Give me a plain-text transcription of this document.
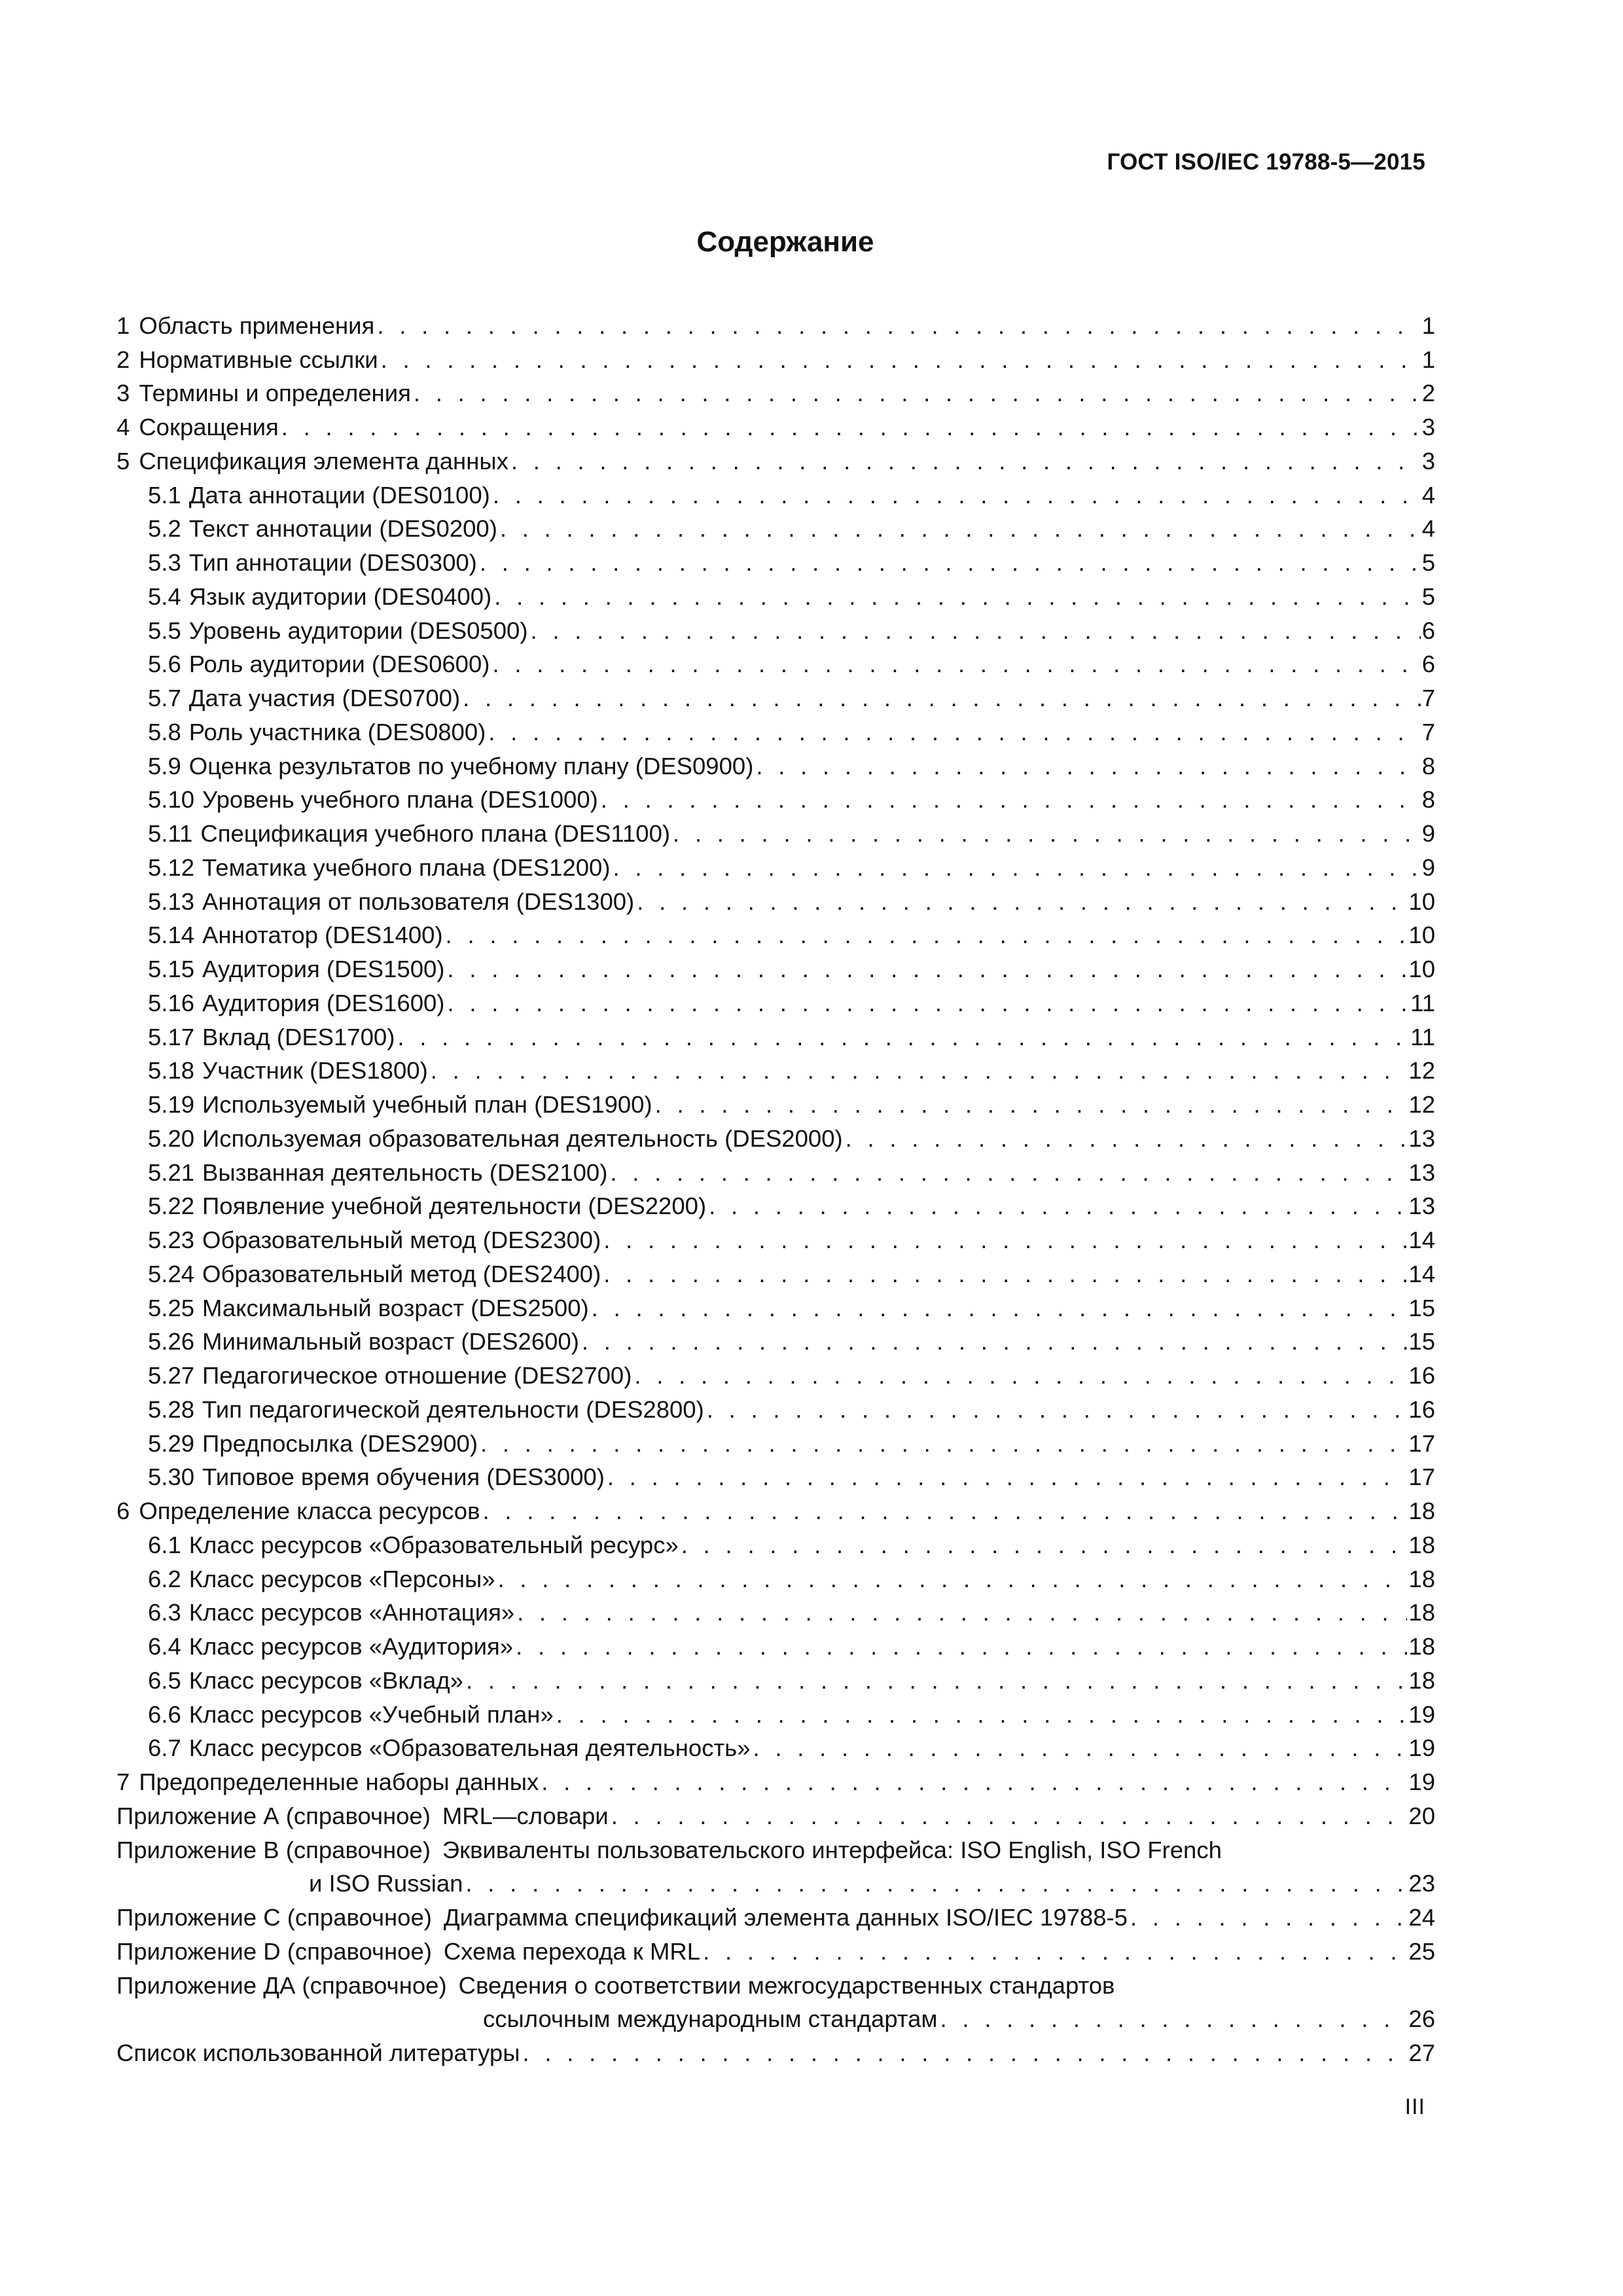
ГОСТ ISO/IEC 19788-5—2015
Содержание
1 Область применения . . .	1
2 Нормативные ссылки . . .	1
3 Термины и определения . . .	2
4 Сокращения . . .	3
5 Спецификация элемента данных . . .	3
5.1 Дата аннотации (DES0100) . . .	4
5.2 Текст аннотации (DES0200) . . .	4
5.3 Тип аннотации (DES0300) . . .	5
5.4 Язык аудитории (DES0400) . . .	5
5.5 Уровень аудитории (DES0500) . . .	6
5.6 Роль аудитории (DES0600) . . .	6
5.7 Дата участия (DES0700) . . .	7
5.8 Роль участника (DES0800) . . .	7
5.9 Оценка результатов по учебному плану (DES0900) . . .	8
5.10 Уровень учебного плана (DES1000) . . .	8
5.11 Спецификация учебного плана (DES1100) . . .	9
5.12 Тематика учебного плана (DES1200) . . .	9
5.13 Аннотация от пользователя (DES1300) . . .	10
5.14 Аннотатор (DES1400) . . .	10
5.15 Аудитория (DES1500) . . .	10
5.16 Аудитория (DES1600) . . .	11
5.17 Вклад (DES1700) . . .	11
5.18 Участник (DES1800) . . .	12
5.19 Используемый учебный план (DES1900) . . .	12
5.20 Используемая образовательная деятельность (DES2000) . . .	13
5.21 Вызванная деятельность (DES2100) . . .	13
5.22 Появление учебной деятельности (DES2200) . . .	13
5.23 Образовательный метод (DES2300) . . .	14
5.24 Образовательный метод (DES2400) . . .	14
5.25 Максимальный возраст (DES2500) . . .	15
5.26 Минимальный возраст (DES2600) . . .	15
5.27 Педагогическое отношение (DES2700) . . .	16
5.28 Тип педагогической деятельности (DES2800) . . .	16
5.29 Предпосылка (DES2900) . . .	17
5.30 Типовое время обучения (DES3000) . . .	17
6 Определение класса ресурсов . . .	18
6.1 Класс ресурсов «Образовательный ресурс» . . .	18
6.2 Класс ресурсов «Персоны» . . .	18
6.3 Класс ресурсов «Аннотация» . . .	18
6.4 Класс ресурсов «Аудитория» . . .	18
6.5 Класс ресурсов «Вклад» . . .	18
6.6 Класс ресурсов «Учебный план» . . .	19
6.7 Класс ресурсов «Образовательная деятельность» . . .	19
7 Предопределенные наборы данных . . .	19
Приложение А (справочное) MRL—словари . . .	20
Приложение В (справочное) Эквиваленты пользовательского интерфейса: ISO English, ISO French
и ISO Russian . . .	23
Приложение С (справочное) Диаграмма спецификаций элемента данных ISO/IEC 19788-5 . . .	24
Приложение D (справочное) Схема перехода к MRL . . .	25
Приложение ДА (справочное) Сведения о соответствии межгосударственных стандартов
ссылочным международным стандартам . . .	26
Список использованной литературы . . .	27
III
